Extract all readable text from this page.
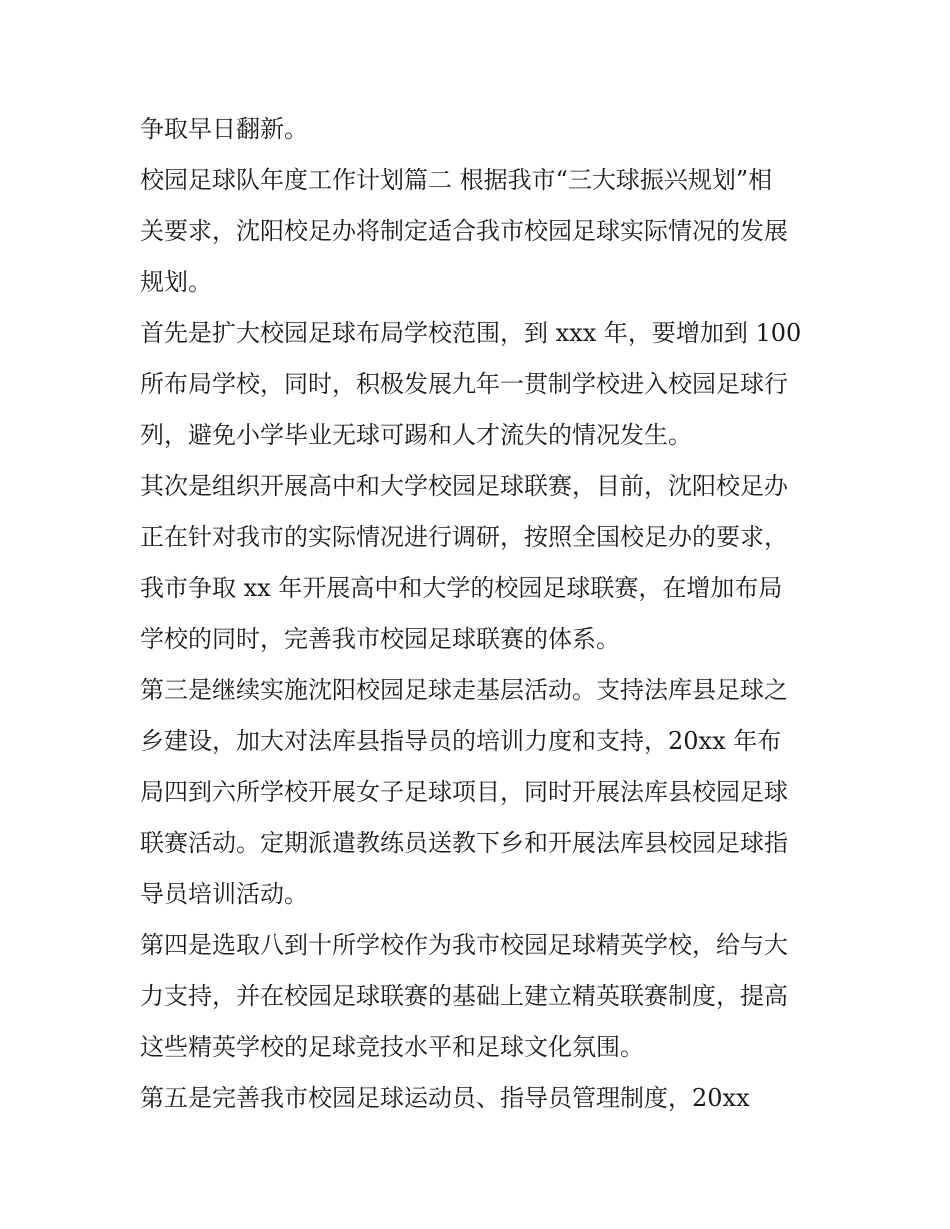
争取早日翻新。
校园足球队年度工作计划篇二 根据我市“三大球振兴规划”相
关要求，沈阳校足办将制定适合我市校园足球实际情况的发展
规划。
首先是扩大校园足球布局学校范围，到 xxx 年，要增加到 100
所布局学校，同时，积极发展九年一贯制学校进入校园足球行
列，避免小学毕业无球可踢和人才流失的情况发生。
其次是组织开展高中和大学校园足球联赛，目前，沈阳校足办
正在针对我市的实际情况进行调研，按照全国校足办的要求，
我市争取 xx 年开展高中和大学的校园足球联赛，在增加布局
学校的同时，完善我市校园足球联赛的体系。
第三是继续实施沈阳校园足球走基层活动。支持法库县足球之
乡建设，加大对法库县指导员的培训力度和支持，20xx 年布
局四到六所学校开展女子足球项目，同时开展法库县校园足球
联赛活动。定期派遣教练员送教下乡和开展法库县校园足球指
导员培训活动。
第四是选取八到十所学校作为我市校园足球精英学校，给与大
力支持，并在校园足球联赛的基础上建立精英联赛制度，提高
这些精英学校的足球竞技水平和足球文化氛围。
第五是完善我市校园足球运动员、指导员管理制度，20xx
